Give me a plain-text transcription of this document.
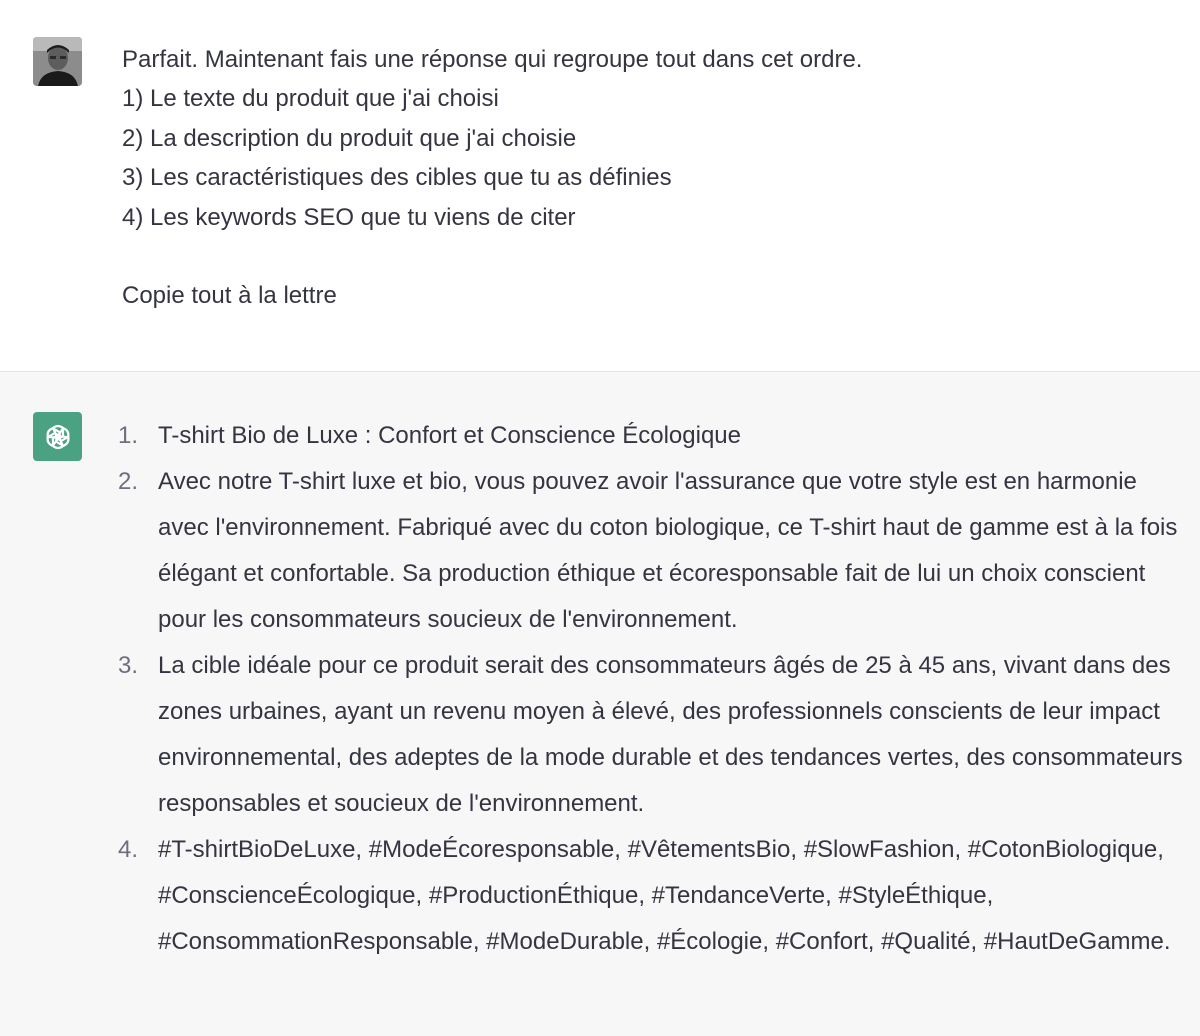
Parfait. Maintenant fais une réponse qui regroupe tout dans cet ordre.
1) Le texte du produit que j'ai choisi
2) La description du produit que j'ai choisie
3) Les caractéristiques des cibles que tu as définies
4) Les keywords SEO que tu viens de citer
Copie tout à la lettre
1. T-shirt Bio de Luxe : Confort et Conscience Écologique
2. Avec notre T-shirt luxe et bio, vous pouvez avoir l'assurance que votre style est en harmonie avec l'environnement. Fabriqué avec du coton biologique, ce T-shirt haut de gamme est à la fois élégant et confortable. Sa production éthique et écoresponsable fait de lui un choix conscient pour les consommateurs soucieux de l'environnement.
3. La cible idéale pour ce produit serait des consommateurs âgés de 25 à 45 ans, vivant dans des zones urbaines, ayant un revenu moyen à élevé, des professionnels conscients de leur impact environnemental, des adeptes de la mode durable et des tendances vertes, des consommateurs responsables et soucieux de l'environnement.
4. #T-shirtBioDeLuxe, #ModeÉcoresponsable, #VêtementsBio, #SlowFashion, #CotonBiologique, #ConscienceÉcologique, #ProductionÉthique, #TendanceVerte, #StyleÉthique, #ConsommationResponsable, #ModeDurable, #Écologie, #Confort, #Qualité, #HautDeGamme.
